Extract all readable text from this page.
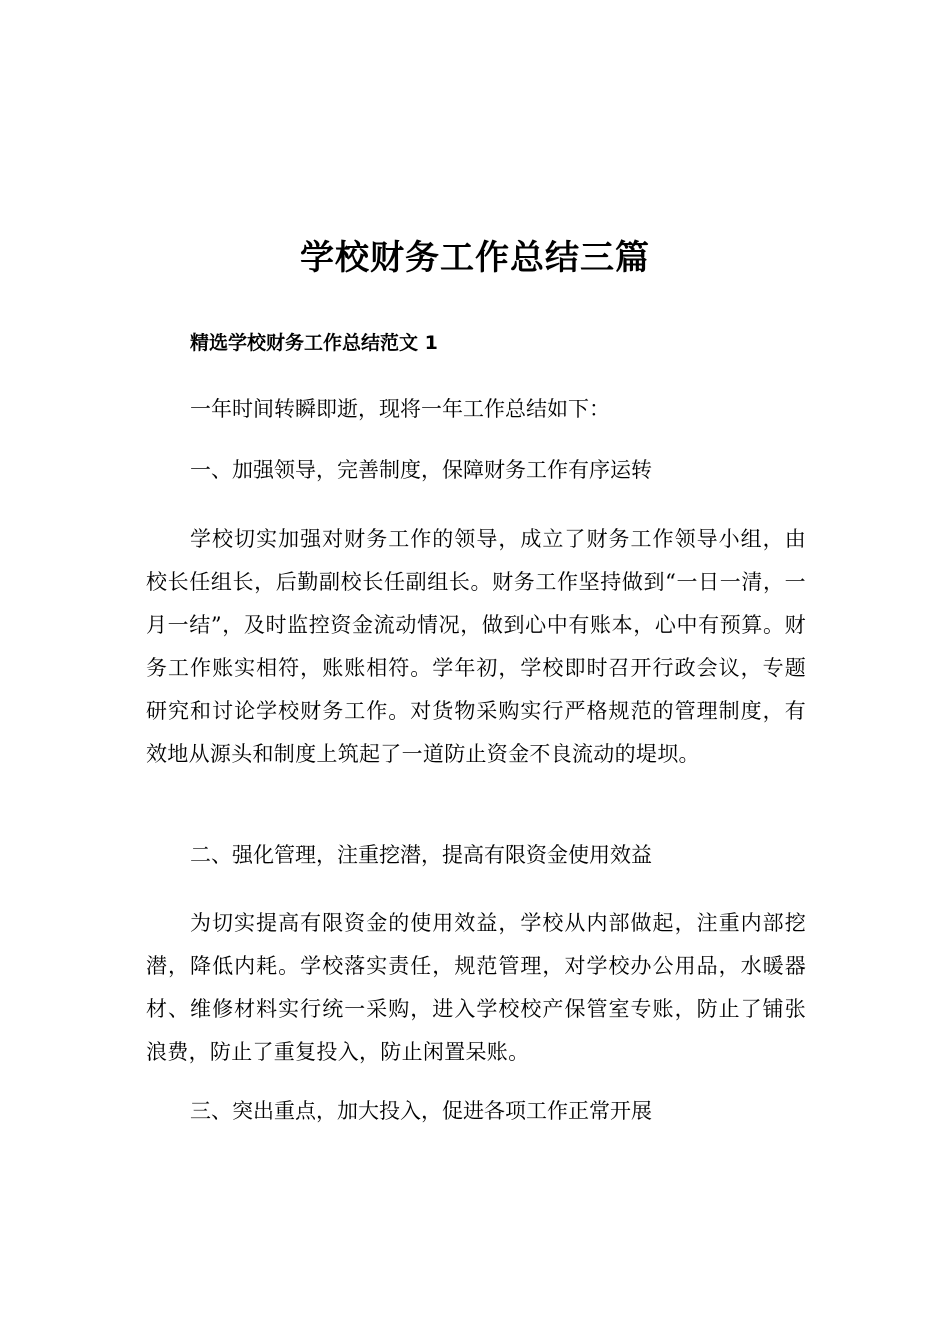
学校财务工作总结三篇

精选学校财务工作总结范文 1

一年时间转瞬即逝，现将一年工作总结如下：

一、加强领导，完善制度，保障财务工作有序运转

学校切实加强对财务工作的领导，成立了财务工作领导小组，由校长任组长，后勤副校长任副组长。财务工作坚持做到“一日一清，一月一结”，及时监控资金流动情况，做到心中有账本，心中有预算。财务工作账实相符，账账相符。学年初，学校即时召开行政会议，专题研究和讨论学校财务工作。对货物采购实行严格规范的管理制度，有效地从源头和制度上筑起了一道防止资金不良流动的堤坝。

二、强化管理，注重挖潜，提高有限资金使用效益

为切实提高有限资金的使用效益，学校从内部做起，注重内部挖潜，降低内耗。学校落实责任，规范管理，对学校办公用品，水暖器材、维修材料实行统一采购，进入学校校产保管室专账，防止了铺张浪费，防止了重复投入，防止闲置呆账。

三、突出重点，加大投入，促进各项工作正常开展
